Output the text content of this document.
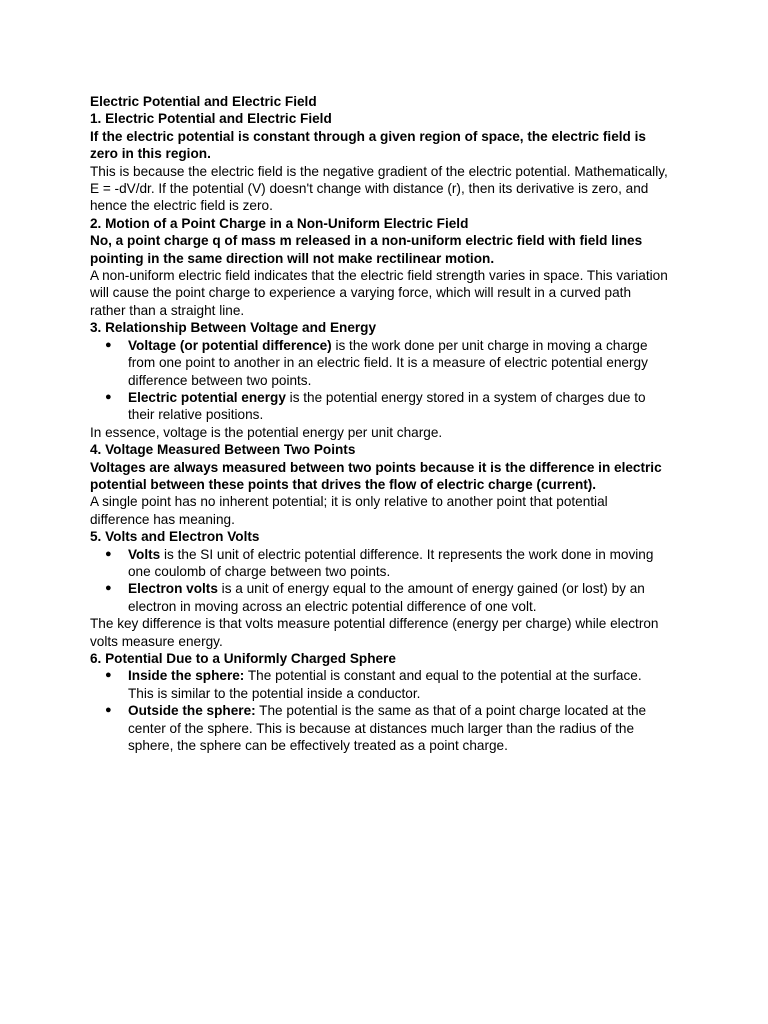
Electric Potential and Electric Field
1. Electric Potential and Electric Field
If the electric potential is constant through a given region of space, the electric field is
zero in this region.
This is because the electric field is the negative gradient of the electric potential. Mathematically,
E = -dV/dr. If the potential (V) doesn't change with distance (r), then its derivative is zero, and
hence the electric field is zero.
2. Motion of a Point Charge in a Non-Uniform Electric Field
No, a point charge q of mass m released in a non-uniform electric field with field lines
pointing in the same direction will not make rectilinear motion.
A non-uniform electric field indicates that the electric field strength varies in space. This variation
will cause the point charge to experience a varying force, which will result in a curved path
rather than a straight line.
3. Relationship Between Voltage and Energy
● Voltage (or potential difference) is the work done per unit charge in moving a charge
from one point to another in an electric field. It is a measure of electric potential energy
difference between two points.
● Electric potential energy is the potential energy stored in a system of charges due to
their relative positions.
In essence, voltage is the potential energy per unit charge.
4. Voltage Measured Between Two Points
Voltages are always measured between two points because it is the difference in electric
potential between these points that drives the flow of electric charge (current).
A single point has no inherent potential; it is only relative to another point that potential
difference has meaning.
5. Volts and Electron Volts
● Volts is the SI unit of electric potential difference. It represents the work done in moving
one coulomb of charge between two points.
● Electron volts is a unit of energy equal to the amount of energy gained (or lost) by an
electron in moving across an electric potential difference of one volt.
The key difference is that volts measure potential difference (energy per charge) while electron
volts measure energy.
6. Potential Due to a Uniformly Charged Sphere
● Inside the sphere: The potential is constant and equal to the potential at the surface.
This is similar to the potential inside a conductor.
● Outside the sphere: The potential is the same as that of a point charge located at the
center of the sphere. This is because at distances much larger than the radius of the
sphere, the sphere can be effectively treated as a point charge.
